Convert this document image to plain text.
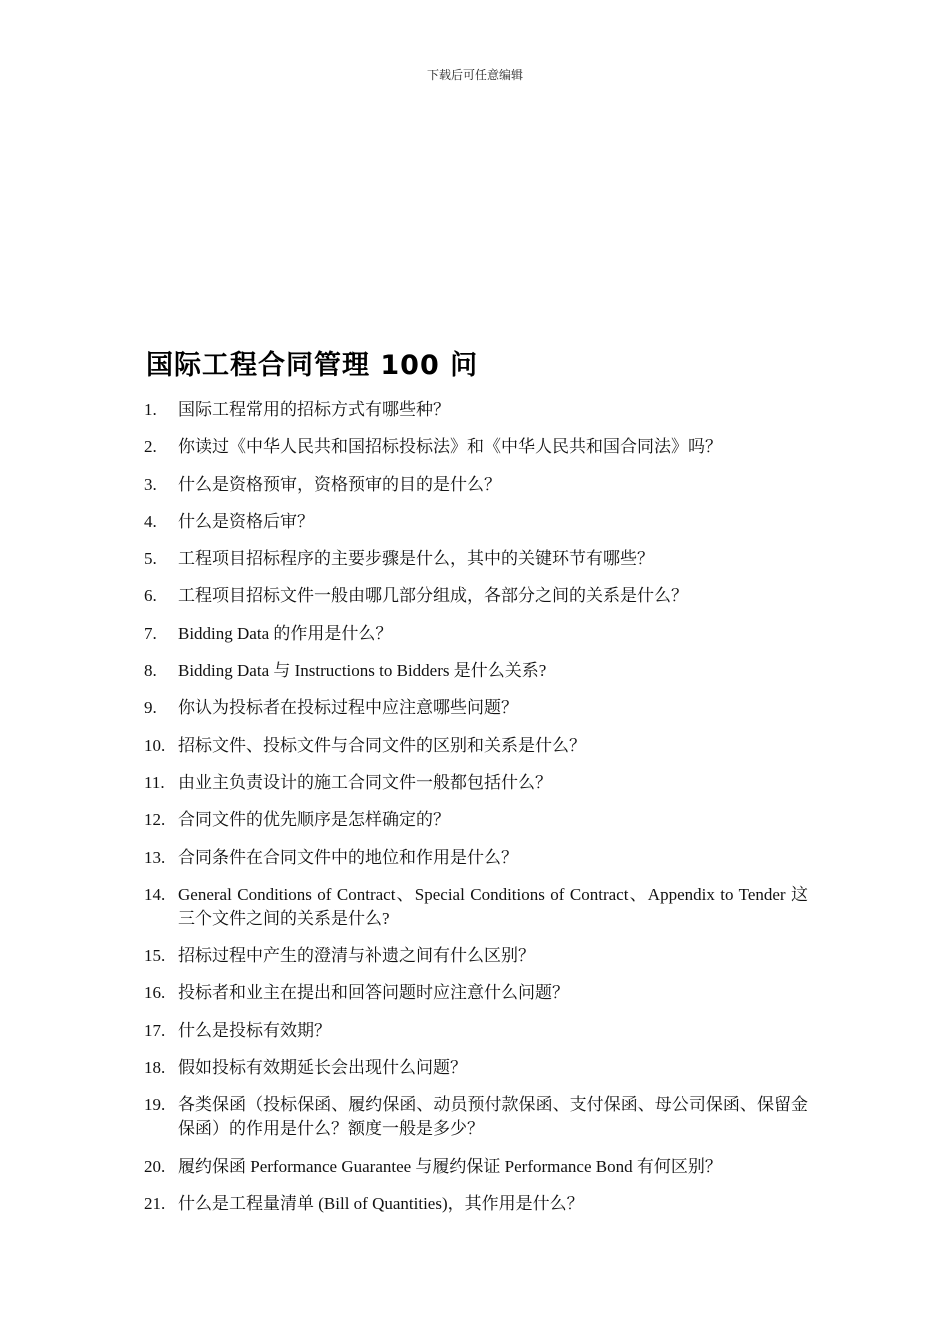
下载后可任意编辑
国际工程合同管理 100 问
1.	国际工程常用的招标方式有哪些种？
2.	你读过《中华人民共和国招标投标法》和《中华人民共和国合同法》吗？
3.	什么是资格预审，资格预审的目的是什么？
4.	什么是资格后审？
5.	工程项目招标程序的主要步骤是什么，其中的关键环节有哪些？
6.	工程项目招标文件一般由哪几部分组成，各部分之间的关系是什么？
7.	Bidding Data 的作用是什么？
8.	Bidding Data 与 Instructions to Bidders 是什么关系?
9.	你认为投标者在投标过程中应注意哪些问题？
10. 招标文件、投标文件与合同文件的区别和关系是什么？
11. 由业主负责设计的施工合同文件一般都包括什么？
12. 合同文件的优先顺序是怎样确定的？
13. 合同条件在合同文件中的地位和作用是什么？
14. General Conditions of Contract、Special Conditions of Contract、Appendix to Tender 这三个文件之间的关系是什么?
15. 招标过程中产生的澄清与补遗之间有什么区别？
16. 投标者和业主在提出和回答问题时应注意什么问题？
17. 什么是投标有效期？
18. 假如投标有效期延长会出现什么问题？
19. 各类保函（投标保函、履约保函、动员预付款保函、支付保函、母公司保函、保留金保函）的作用是什么？额度一般是多少？
20. 履约保函 Performance Guarantee 与履约保证 Performance Bond 有何区别？
21. 什么是工程量清单 (Bill of Quantities)，其作用是什么？
